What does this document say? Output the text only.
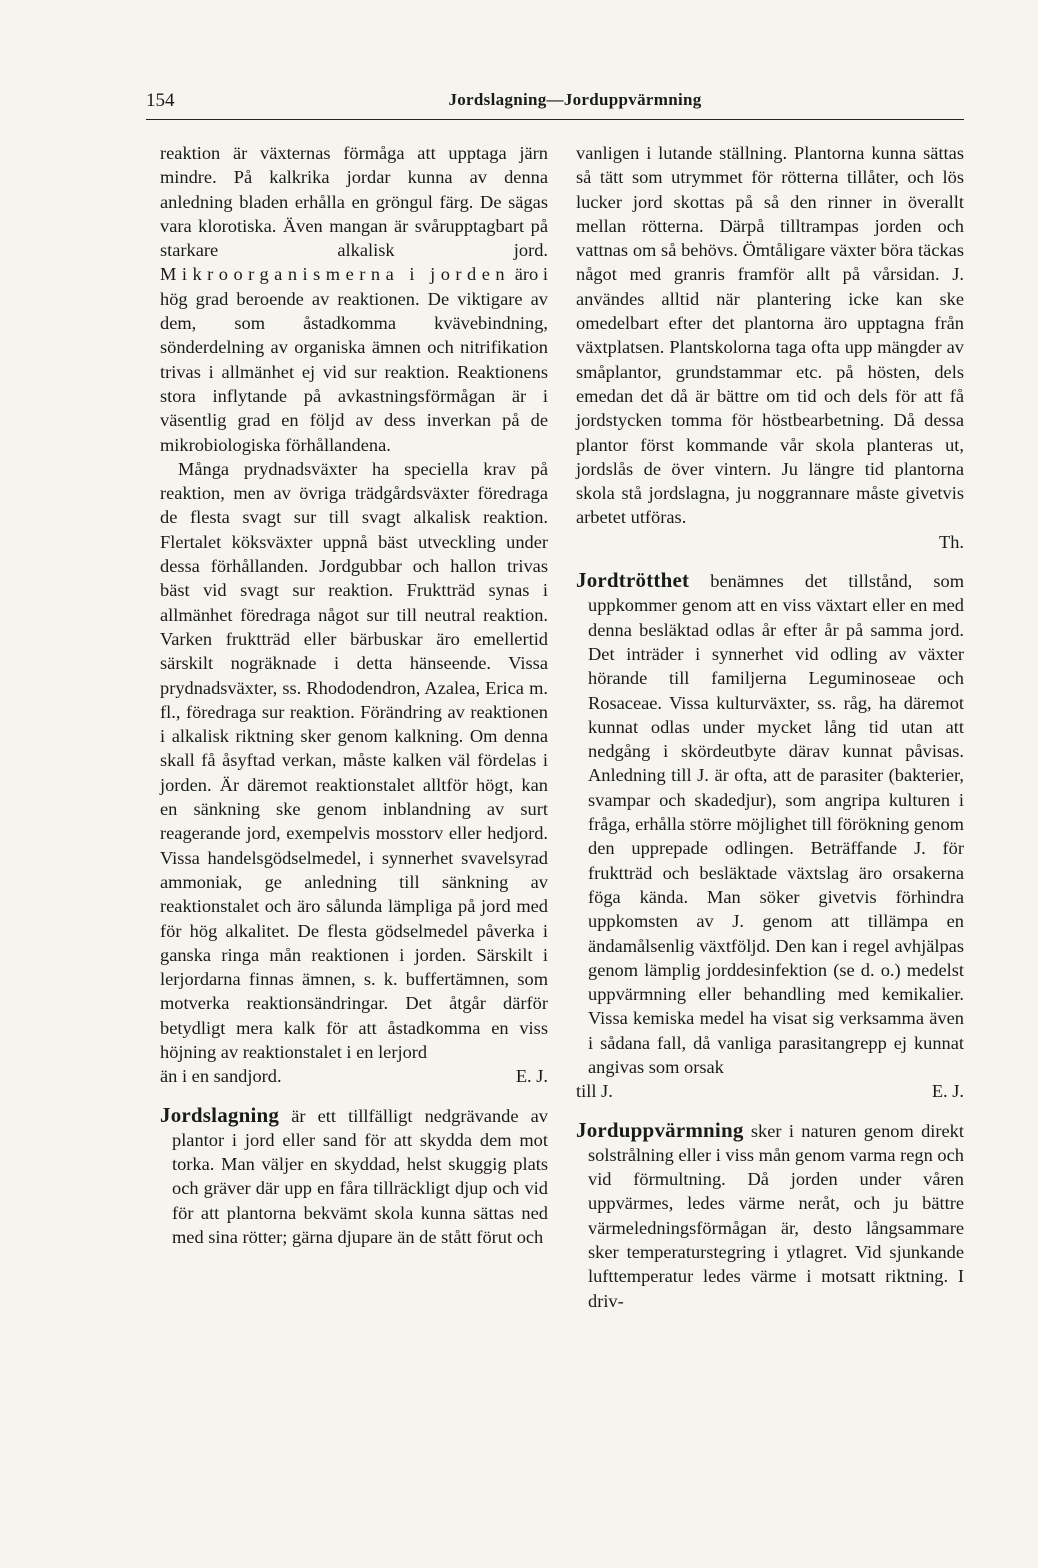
154	Jordslagning—Jorduppvärmning

reaktion är växternas förmåga att upptaga järn mindre. På kalkrika jordar kunna av denna anledning bladen erhålla en gröngul färg. De sägas vara klorotiska. Även mangan är svårupptagbart på starkare alkalisk jord. Mikroorganismerna i jorden äro i hög grad beroende av reaktionen. De viktigare av dem, som åstadkomma kvävebindning, sönderdelning av organiska ämnen och nitrifikation trivas i allmänhet ej vid sur reaktion. Reaktionens stora inflytande på avkastningsförmågan är i väsentlig grad en följd av dess inverkan på de mikrobiologiska förhållandena.

Många prydnadsväxter ha speciella krav på reaktion, men av övriga trädgårdsväxter föredraga de flesta svagt sur till svagt alkalisk reaktion. Flertalet köksväxter uppnå bäst utveckling under dessa förhållanden. Jordgubbar och hallon trivas bäst vid svagt sur reaktion. Fruktträd synas i allmänhet föredraga något sur till neutral reaktion. Varken fruktträd eller bärbuskar äro emellertid särskilt nogräknade i detta hänseende. Vissa prydnadsväxter, ss. Rhododendron, Azalea, Erica m. fl., föredraga sur reaktion. Förändring av reaktionen i alkalisk riktning sker genom kalkning. Om denna skall få åsyftad verkan, måste kalken väl fördelas i jorden. Är däremot reaktionstalet alltför högt, kan en sänkning ske genom inblandning av surt reagerande jord, exempelvis mosstorv eller hedjord. Vissa handelsgödselmedel, i synnerhet svavelsyrad ammoniak, ge anledning till sänkning av reaktionstalet och äro sålunda lämpliga på jord med för hög alkalitet. De flesta gödselmedel påverka i ganska ringa mån reaktionen i jorden. Särskilt i lerjordarna finnas ämnen, s. k. buffertämnen, som motverka reaktionsändringar. Det åtgår därför betydligt mera kalk för att åstadkomma en viss höjning av reaktionstalet i en lerjord

än i en sandjord.	E. J.

Jordslagning är ett tillfälligt nedgrävande av plantor i jord eller sand för att skydda dem mot torka. Man väljer en skyddad, helst skuggig plats och gräver där upp en fåra tillräckligt djup och vid för att plantorna bekvämt skola kunna sättas ned med sina rötter; gärna djupare än de stått förut och

vanligen i lutande ställning. Plantorna kunna sättas så tätt som utrymmet för rötterna tillåter, och lös lucker jord skottas på så den rinner in överallt mellan rötterna. Därpå tilltrampas jorden och vattnas om så behövs. Ömtåligare växter böra täckas något med granris framför allt på vårsidan. J. användes alltid när plantering icke kan ske omedelbart efter det plantorna äro upptagna från växtplatsen. Plantskolorna taga ofta upp mängder av småplantor, grundstammar etc. på hösten, dels emedan det då är bättre om tid och dels för att få jordstycken tomma för höstbearbetning. Då dessa plantor först kommande vår skola planteras ut, jordslås de över vintern. Ju längre tid plantorna skola stå jordslagna, ju noggrannare måste givetvis arbetet utföras.

Th.

Jordtrötthet benämnes det tillstånd, som uppkommer genom att en viss växtart eller en med denna besläktad odlas år efter år på samma jord. Det inträder i synnerhet vid odling av växter hörande till familjerna Leguminoseae och Rosaceae. Vissa kulturväxter, ss. råg, ha däremot kunnat odlas under mycket lång tid utan att nedgång i skördeutbyte därav kunnat påvisas. Anledning till J. är ofta, att de parasiter (bakterier, svampar och skadedjur), som angripa kulturen i fråga, erhålla större möjlighet till förökning genom den upprepade odlingen. Beträffande J. för fruktträd och besläktade växtslag äro orsakerna föga kända. Man söker givetvis förhindra uppkomsten av J. genom att tillämpa en ändamålsenlig växtföljd. Den kan i regel avhjälpas genom lämplig jorddesinfektion (se d. o.) medelst uppvärmning eller behandling med kemikalier. Vissa kemiska medel ha visat sig verksamma även i sådana fall, då vanliga parasitangrepp ej kunnat angivas som orsak

till J.	E. J.

Jorduppvärmning sker i naturen genom direkt solstrålning eller i viss mån genom varma regn och vid förmultning. Då jorden under våren uppvärmes, ledes värme neråt, och ju bättre värmeledningsförmågan är, desto långsammare sker temperaturstegring i ytlagret. Vid sjunkande lufttemperatur ledes värme i motsatt riktning. I driv-
